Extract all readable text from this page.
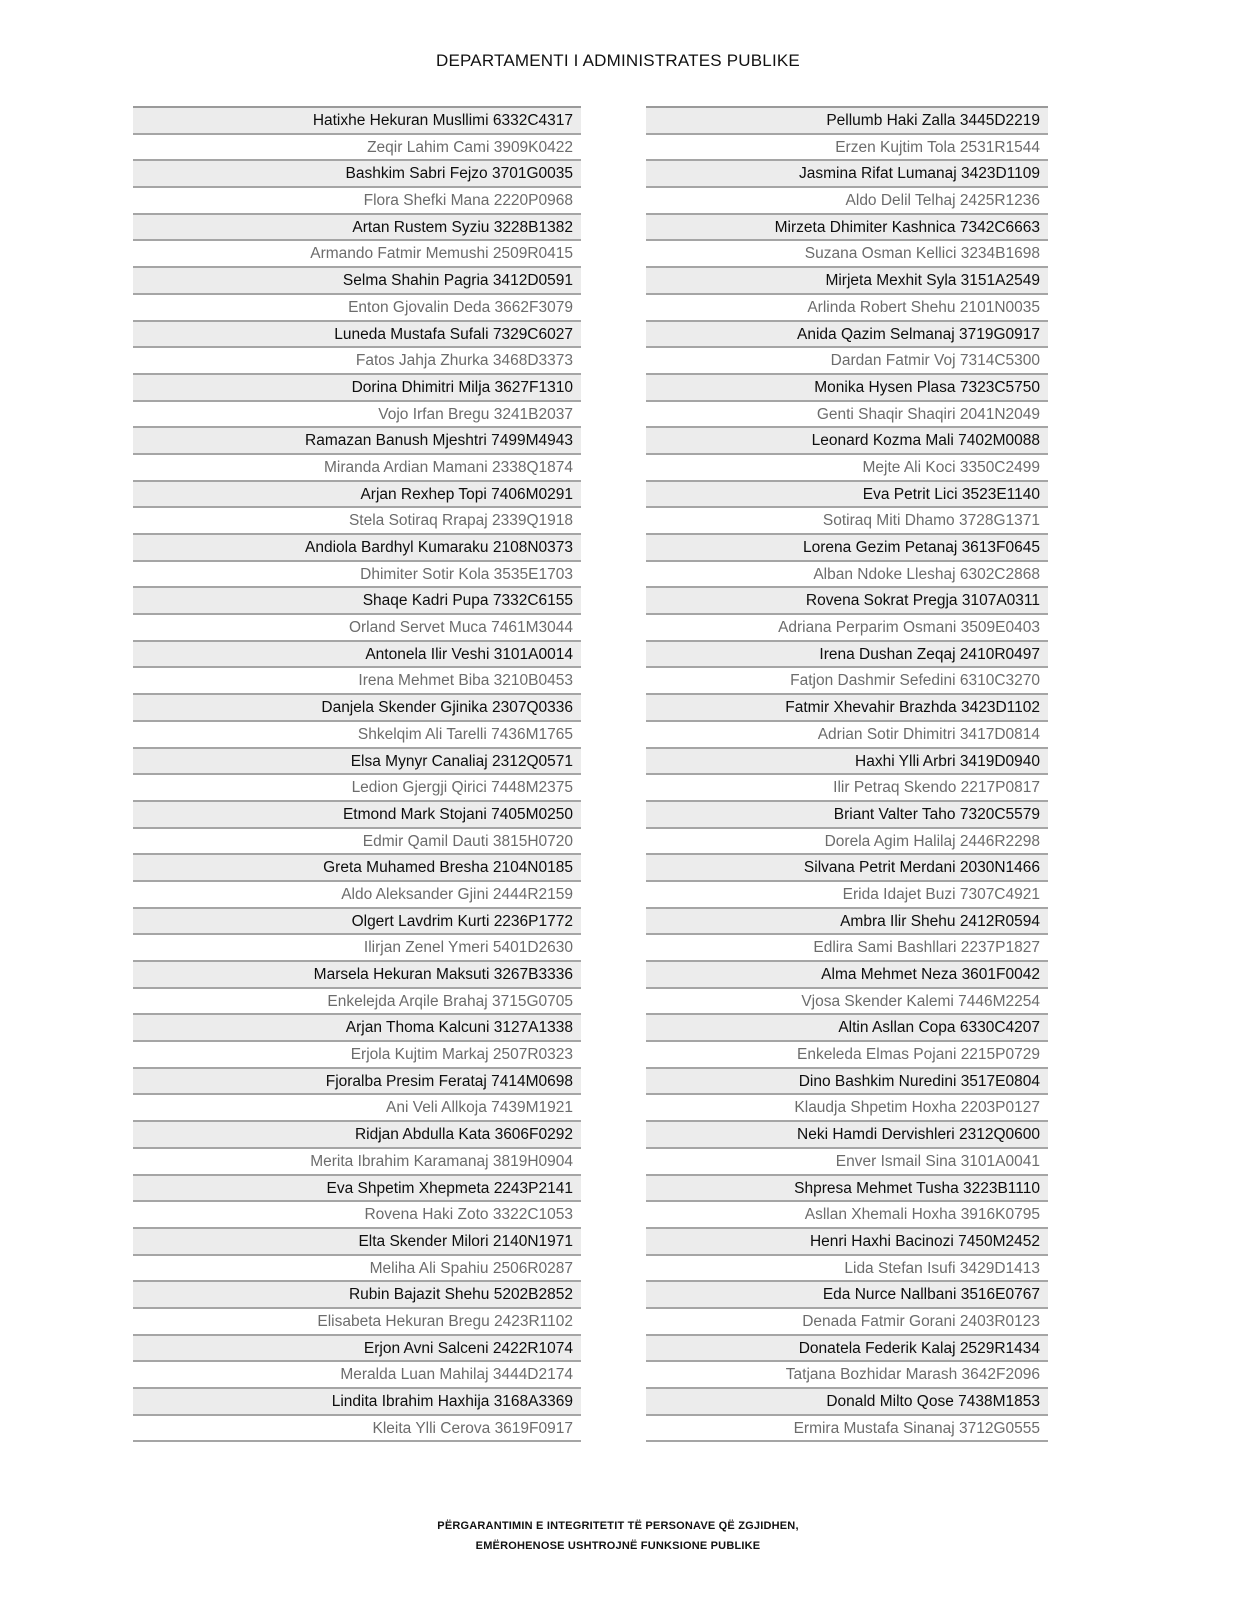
DEPARTAMENTI I ADMINISTRATES PUBLIKE
Hatixhe Hekuran Musllimi 6332C4317
Zeqir Lahim Cami 3909K0422
Bashkim Sabri Fejzo 3701G0035
Flora Shefki Mana 2220P0968
Artan Rustem Syziu 3228B1382
Armando Fatmir Memushi 2509R0415
Selma Shahin Pagria 3412D0591
Enton Gjovalin Deda 3662F3079
Luneda Mustafa Sufali 7329C6027
Fatos Jahja Zhurka 3468D3373
Dorina Dhimitri Milja 3627F1310
Vojo Irfan Bregu 3241B2037
Ramazan Banush Mjeshtri 7499M4943
Miranda Ardian Mamani 2338Q1874
Arjan Rexhep Topi 7406M0291
Stela Sotiraq Rrapaj 2339Q1918
Andiola Bardhyl Kumaraku 2108N0373
Dhimiter Sotir Kola 3535E1703
Shaqe Kadri Pupa 7332C6155
Orland Servet Muca 7461M3044
Antonela Ilir Veshi 3101A0014
Irena Mehmet Biba 3210B0453
Danjela Skender Gjinika 2307Q0336
Shkelqim Ali Tarelli 7436M1765
Elsa Mynyr Canaliaj 2312Q0571
Ledion Gjergji Qirici 7448M2375
Etmond Mark Stojani 7405M0250
Edmir Qamil Dauti 3815H0720
Greta Muhamed Bresha 2104N0185
Aldo Aleksander Gjini 2444R2159
Olgert Lavdrim Kurti 2236P1772
Ilirjan Zenel Ymeri 5401D2630
Marsela Hekuran Maksuti 3267B3336
Enkelejda Arqile Brahaj 3715G0705
Arjan Thoma Kalcuni 3127A1338
Erjola Kujtim Markaj 2507R0323
Fjoralba Presim Ferataj 7414M0698
Ani Veli Allkoja 7439M1921
Ridjan Abdulla Kata 3606F0292
Merita Ibrahim Karamanaj 3819H0904
Eva Shpetim Xhepmeta 2243P2141
Rovena Haki Zoto 3322C1053
Elta Skender Milori 2140N1971
Meliha Ali Spahiu 2506R0287
Rubin Bajazit Shehu 5202B2852
Elisabeta Hekuran Bregu 2423R1102
Erjon Avni Salceni 2422R1074
Meralda Luan Mahilaj 3444D2174
Lindita Ibrahim Haxhija 3168A3369
Kleita Ylli Cerova 3619F0917
Pellumb Haki Zalla 3445D2219
Erzen Kujtim Tola 2531R1544
Jasmina Rifat Lumanaj 3423D1109
Aldo Delil Telhaj 2425R1236
Mirzeta Dhimiter Kashnica 7342C6663
Suzana Osman Kellici 3234B1698
Mirjeta Mexhit Syla 3151A2549
Arlinda Robert Shehu 2101N0035
Anida Qazim Selmanaj 3719G0917
Dardan Fatmir Voj 7314C5300
Monika Hysen Plasa 7323C5750
Genti Shaqir Shaqiri 2041N2049
Leonard Kozma Mali 7402M0088
Mejte Ali Koci 3350C2499
Eva Petrit Lici 3523E1140
Sotiraq Miti Dhamo 3728G1371
Lorena Gezim Petanaj 3613F0645
Alban Ndoke Lleshaj 6302C2868
Rovena Sokrat Pregja 3107A0311
Adriana Perparim Osmani 3509E0403
Irena Dushan Zeqaj 2410R0497
Fatjon Dashmir Sefedini 6310C3270
Fatmir Xhevahir Brazhda 3423D1102
Adrian Sotir Dhimitri 3417D0814
Haxhi Ylli Arbri 3419D0940
Ilir Petraq Skendo 2217P0817
Briant Valter Taho 7320C5579
Dorela Agim Halilaj 2446R2298
Silvana Petrit Merdani 2030N1466
Erida Idajet Buzi 7307C4921
Ambra Ilir Shehu 2412R0594
Edlira Sami Bashllari 2237P1827
Alma Mehmet Neza 3601F0042
Vjosa Skender Kalemi 7446M2254
Altin Asllan Copa 6330C4207
Enkeleda Elmas Pojani 2215P0729
Dino Bashkim Nuredini 3517E0804
Klaudja Shpetim Hoxha 2203P0127
Neki Hamdi Dervishleri 2312Q0600
Enver Ismail Sina 3101A0041
Shpresa Mehmet Tusha 3223B1110
Asllan Xhemali Hoxha 3916K0795
Henri Haxhi Bacinozi 7450M2452
Lida Stefan Isufi 3429D1413
Eda Nurce Nallbani 3516E0767
Denada Fatmir Gorani 2403R0123
Donatela Federik Kalaj 2529R1434
Tatjana Bozhidar Marash 3642F2096
Donald Milto Qose 7438M1853
Ermira Mustafa Sinanaj 3712G0555
PËRGARANTIMIN E INTEGRITETIT TË PERSONAVE QË ZGJIDHEN,
EMËROHENOSE USHTROJNË FUNKSIONE PUBLIKE
